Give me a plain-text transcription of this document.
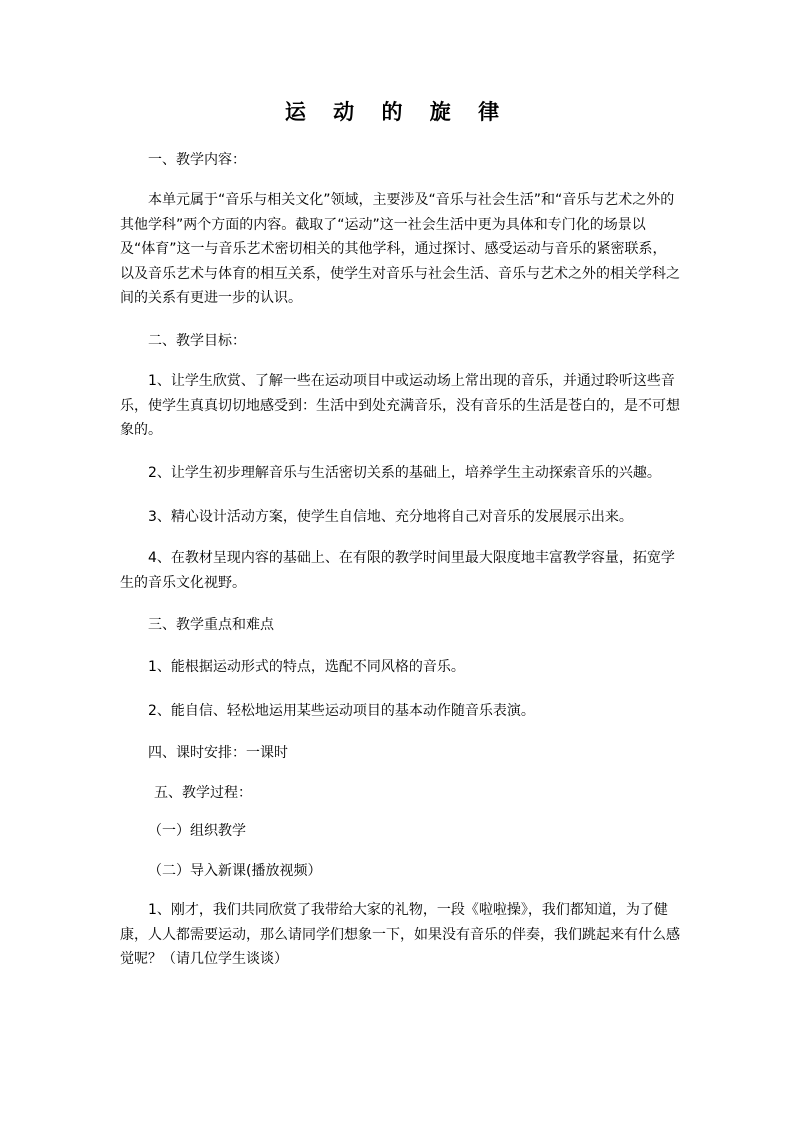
运 动 的 旋 律
一、教学内容：

本单元属于“音乐与相关文化”领域，主要涉及“音乐与社会生活”和“音乐与艺术之外的其他学科”两个方面的内容。截取了“运动”这一社会生活中更为具体和专门化的场景以及“体育”这一与音乐艺术密切相关的其他学科，通过探讨、感受运动与音乐的紧密联系，以及音乐艺术与体育的相互关系，使学生对音乐与社会生活、音乐与艺术之外的相关学科之间的关系有更进一步的认识。

二、教学目标：

1、让学生欣赏、了解一些在运动项目中或运动场上常出现的音乐，并通过聆听这些音乐，使学生真真切切地感受到：生活中到处充满音乐，没有音乐的生活是苍白的，是不可想象的。

2、让学生初步理解音乐与生活密切关系的基础上，培养学生主动探索音乐的兴趣。

3、精心设计活动方案，使学生自信地、充分地将自己对音乐的发展展示出来。

4、在教材呈现内容的基础上、在有限的教学时间里最大限度地丰富教学容量，拓宽学生的音乐文化视野。

三、教学重点和难点

1、能根据运动形式的特点，选配不同风格的音乐。

2、能自信、轻松地运用某些运动项目的基本动作随音乐表演。

四、课时安排：一课时
五、教学过程：
（一）组织教学
（二）导入新课(播放视频）

1、刚才，我们共同欣赏了我带给大家的礼物，一段《啦啦操》，我们都知道，为了健康，人人都需要运动，那么请同学们想象一下，如果没有音乐的伴奏，我们跳起来有什么感觉呢？（请几位学生谈谈）
